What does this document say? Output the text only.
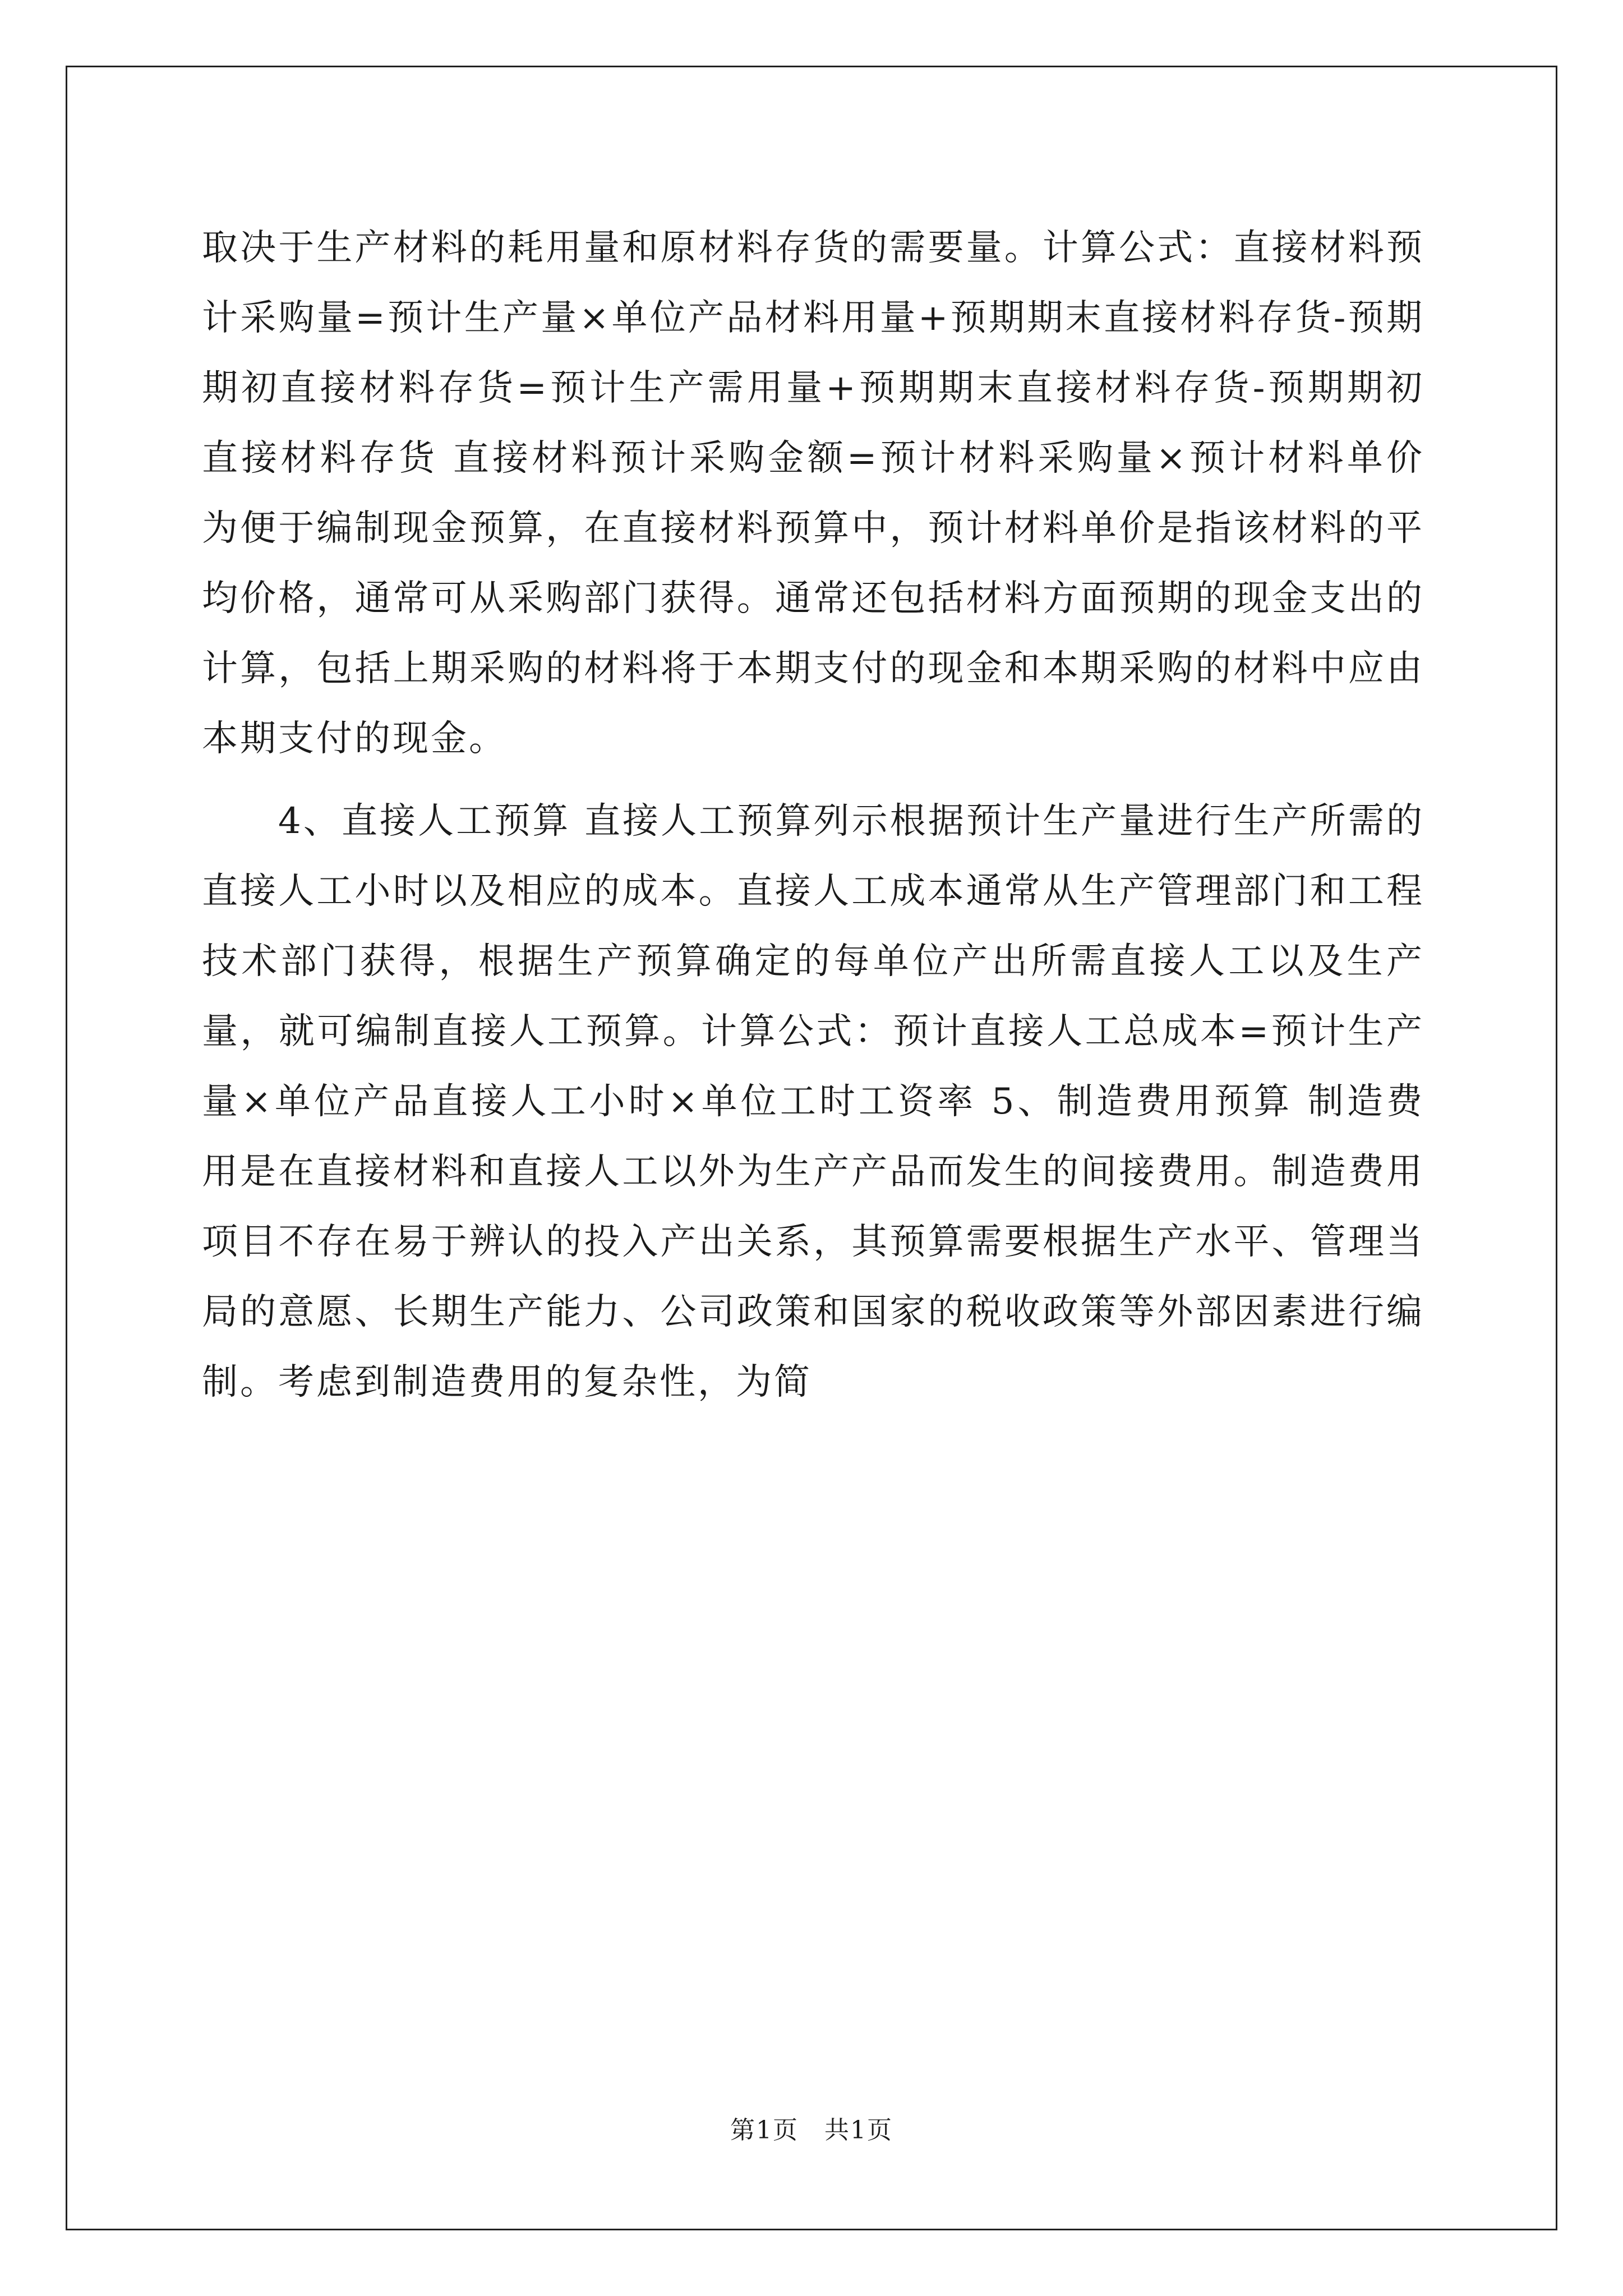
取决于生产材料的耗用量和原材料存货的需要量。计算公式：直接材料预计采购量=预计生产量×单位产品材料用量+预期期末直接材料存货-预期期初直接材料存货=预计生产需用量+预期期末直接材料存货-预期期初直接材料存货 直接材料预计采购金额=预计材料采购量×预计材料单价 为便于编制现金预算，在直接材料预算中，预计材料单价是指该材料的平均价格，通常可从采购部门获得。通常还包括材料方面预期的现金支出的计算，包括上期采购的材料将于本期支付的现金和本期采购的材料中应由本期支付的现金。

4、直接人工预算 直接人工预算列示根据预计生产量进行生产所需的直接人工小时以及相应的成本。直接人工成本通常从生产管理部门和工程技术部门获得，根据生产预算确定的每单位产出所需直接人工以及生产量，就可编制直接人工预算。计算公式：预计直接人工总成本=预计生产量×单位产品直接人工小时×单位工时工资率 5、制造费用预算 制造费用是在直接材料和直接人工以外为生产产品而发生的间接费用。制造费用项目不存在易于辨认的投入产出关系，其预算需要根据生产水平、管理当局的意愿、长期生产能力、公司政策和国家的税收政策等外部因素进行编制。考虑到制造费用的复杂性，为简

第1页　共1页
